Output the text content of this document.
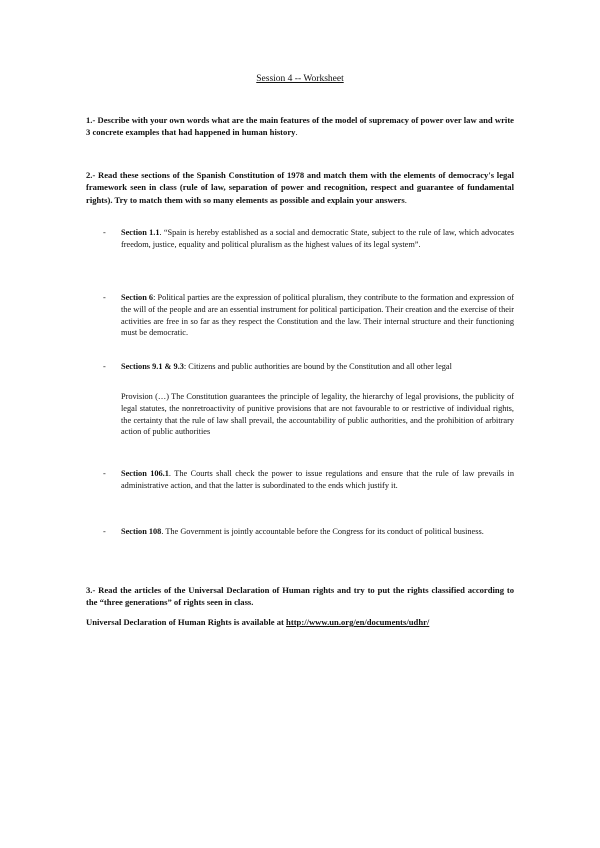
Session 4 -- Worksheet
1.- Describe with your own words what are the main features of the model of supremacy of power over law and write 3 concrete examples that had happened in human history.
2.- Read these sections of the Spanish Constitution of 1978 and match them with the elements of democracy's legal framework seen in class (rule of law, separation of power and recognition, respect and guarantee of fundamental rights). Try to match them with so many elements as possible and explain your answers.
-	Section 1.1. “Spain is hereby established as a social and democratic State, subject to the rule of law, which advocates freedom, justice, equality and political pluralism as the highest values of its legal system”.
-	Section 6: Political parties are the expression of political pluralism, they contribute to the formation and expression of the will of the people and are an essential instrument for political participation. Their creation and the exercise of their activities are free in so far as they respect the Constitution and the law. Their internal structure and their functioning must be democratic.
-	Sections 9.1 & 9.3: Citizens and public authorities are bound by the Constitution and all other legal
Provision (…) The Constitution guarantees the principle of legality, the hierarchy of legal provisions, the publicity of legal statutes, the nonretroactivity of punitive provisions that are not favourable to or restrictive of individual rights, the certainty that the rule of law shall prevail, the accountability of public authorities, and the prohibition of arbitrary action of public authorities
-	Section 106.1. The Courts shall check the power to issue regulations and ensure that the rule of law prevails in administrative action, and that the latter is subordinated to the ends which justify it.
-	Section 108. The Government is jointly accountable before the Congress for its conduct of political business.
3.- Read the articles of the Universal Declaration of Human rights and try to put the rights classified according to the “three generations” of rights seen in class.
Universal Declaration of Human Rights is available at http://www.un.org/en/documents/udhr/
